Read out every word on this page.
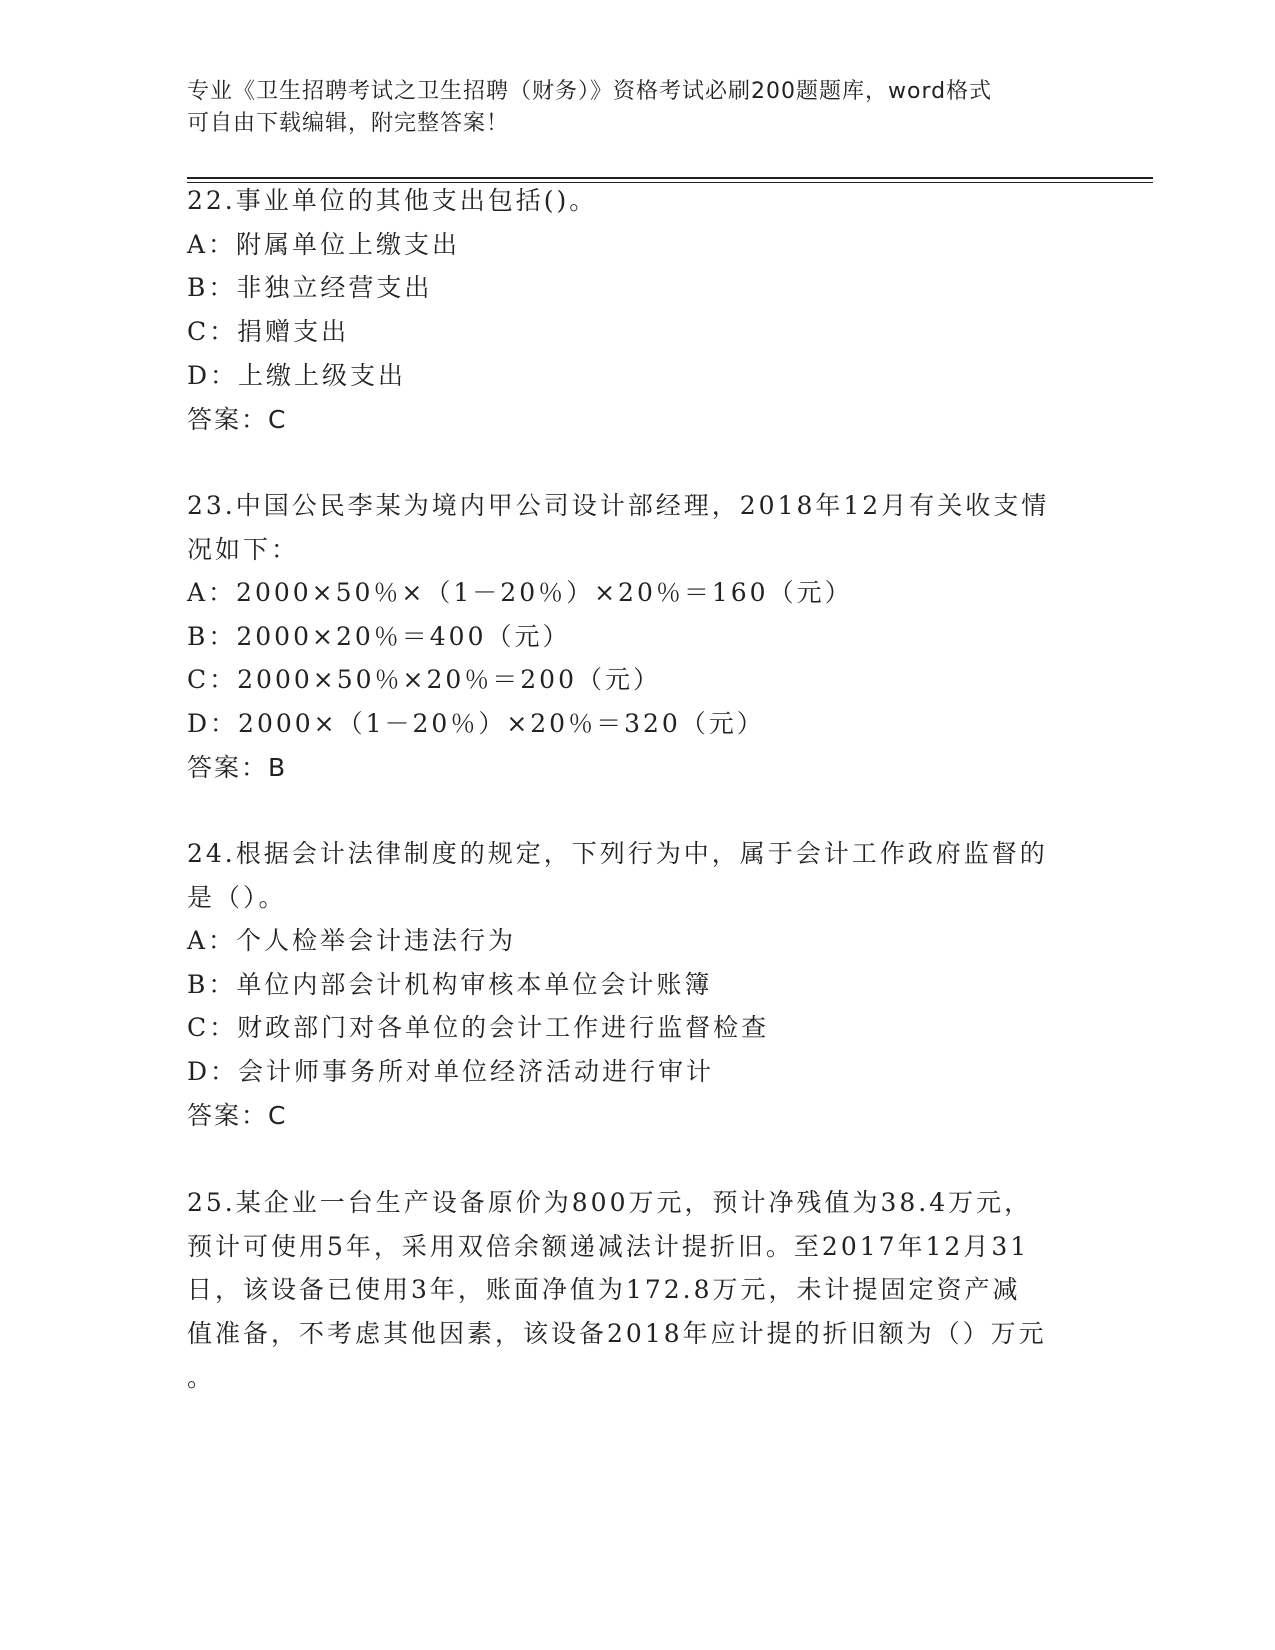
专业《卫生招聘考试之卫生招聘（财务）》资格考试必刷200题题库，word格式
可自由下载编辑，附完整答案！
22.事业单位的其他支出包括()。
A：附属单位上缴支出
B：非独立经营支出
C：捐赠支出
D：上缴上级支出
答案：C
23.中国公民李某为境内甲公司设计部经理，2018年12月有关收支情
况如下：
A：2000×50％×（1－20％）×20％＝160（元）
B：2000×20％＝400（元）
C：2000×50％×20％＝200（元）
D：2000×（1－20％）×20％＝320（元）
答案：B
24.根据会计法律制度的规定，下列行为中，属于会计工作政府监督的
是（）。
A：个人检举会计违法行为
B：单位内部会计机构审核本单位会计账簿
C：财政部门对各单位的会计工作进行监督检查
D：会计师事务所对单位经济活动进行审计
答案：C
25.某企业一台生产设备原价为800万元，预计净残值为38.4万元，
预计可使用5年，采用双倍余额递减法计提折旧。至2017年12月31
日，该设备已使用3年，账面净值为172.8万元，未计提固定资产减
值准备，不考虑其他因素，该设备2018年应计提的折旧额为（）万元
。
